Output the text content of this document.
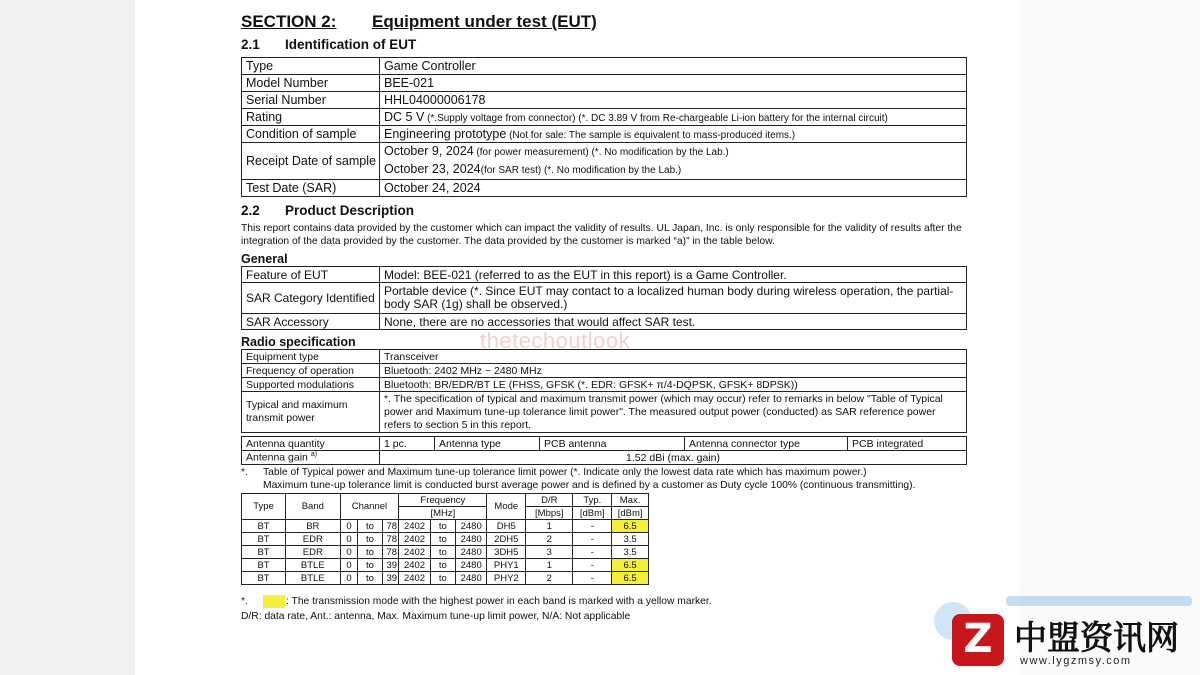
SECTION 2: Equipment under test (EUT)
2.1 Identification of EUT
Type	Game Controller
Model Number	BEE-021
Serial Number	HHL04000006178
Rating	DC 5 V (*.Supply voltage from connector) (*. DC 3.89 V from Re-chargeable Li-ion battery for the internal circuit)
Condition of sample	Engineering prototype (Not for sale: The sample is equivalent to mass-produced items.)
Receipt Date of sample	October 9, 2024 (for power measurement) (*. No modification by the Lab.)
October 23, 2024(for SAR test) (*. No modification by the Lab.)

Test Date (SAR)	October 24, 2024
2.2 Product Description
This report contains data provided by the customer which can impact the validity of results. UL Japan, Inc. is only responsible for the validity of results after the integration of the data provided by the customer. The data provided by the customer is marked “a)” in the table below.
General
Feature of EUT	Model: BEE-021 (referred to as the EUT in this report) is a Game Controller.
SAR Category Identified	Portable device (*. Since EUT may contact to a localized human body during wireless operation, the partial-body SAR (1g) shall be observed.)
SAR Accessory	None, there are no accessories that would affect SAR test.
Radio specification
Equipment type	Transceiver
Frequency of operation	Bluetooth: 2402 MHz ~ 2480 MHz
Supported modulations	Bluetooth: BR/EDR/BT LE (FHSS, GFSK (*. EDR: GFSK+ π/4-DQPSK, GFSK+ 8DPSK))
Typical and maximum transmit power	*. The specification of typical and maximum transmit power (which may occur) refer to remarks in below "Table of Typical power and Maximum tune-up tolerance limit power". The measured output power (conducted) as SAR reference power refers to section 5 in this report.
Antenna quantity	1 pc.	Antenna type	PCB antenna	Antenna connector type	PCB integrated
Antenna gain $^{a)}$	1.52 dBi (max. gain)				
*. Table of Typical power and Maximum tune-up tolerance limit power (*. Indicate only the lowest data rate which has maximum power.)
Maximum tune-up tolerance limit is conducted burst average power and is defined by a customer as Duty cycle 100% (continuous transmitting).
Type	Band	Channel			Frequency			Mode	D/R	Typ.	Max.
					[MHz]				[Mbps]	[dBm]	[dBm]
BT	BR	0	to	78	2402	to	2480	DH5	1	-	6.5
BT	EDR	0	to	78	2402	to	2480	2DH5	2	-	3.5
BT	EDR	0	to	78	2402	to	2480	3DH5	3	-	3.5
BT	BTLE	0	to	39	2402	to	2480	PHY1	1	-	6.5
BT	BTLE	0	to	39	2402	to	2480	PHY2	2	-	6.5
*.	: The transmission mode with the highest power in each band is marked with a yellow marker.
D/R: data rate, Ant.: antenna, Max. Maximum tune-up limit power, N/A: Not applicable
thetechoutlook
Z 中盟资讯网
www.lygzmsy.com
